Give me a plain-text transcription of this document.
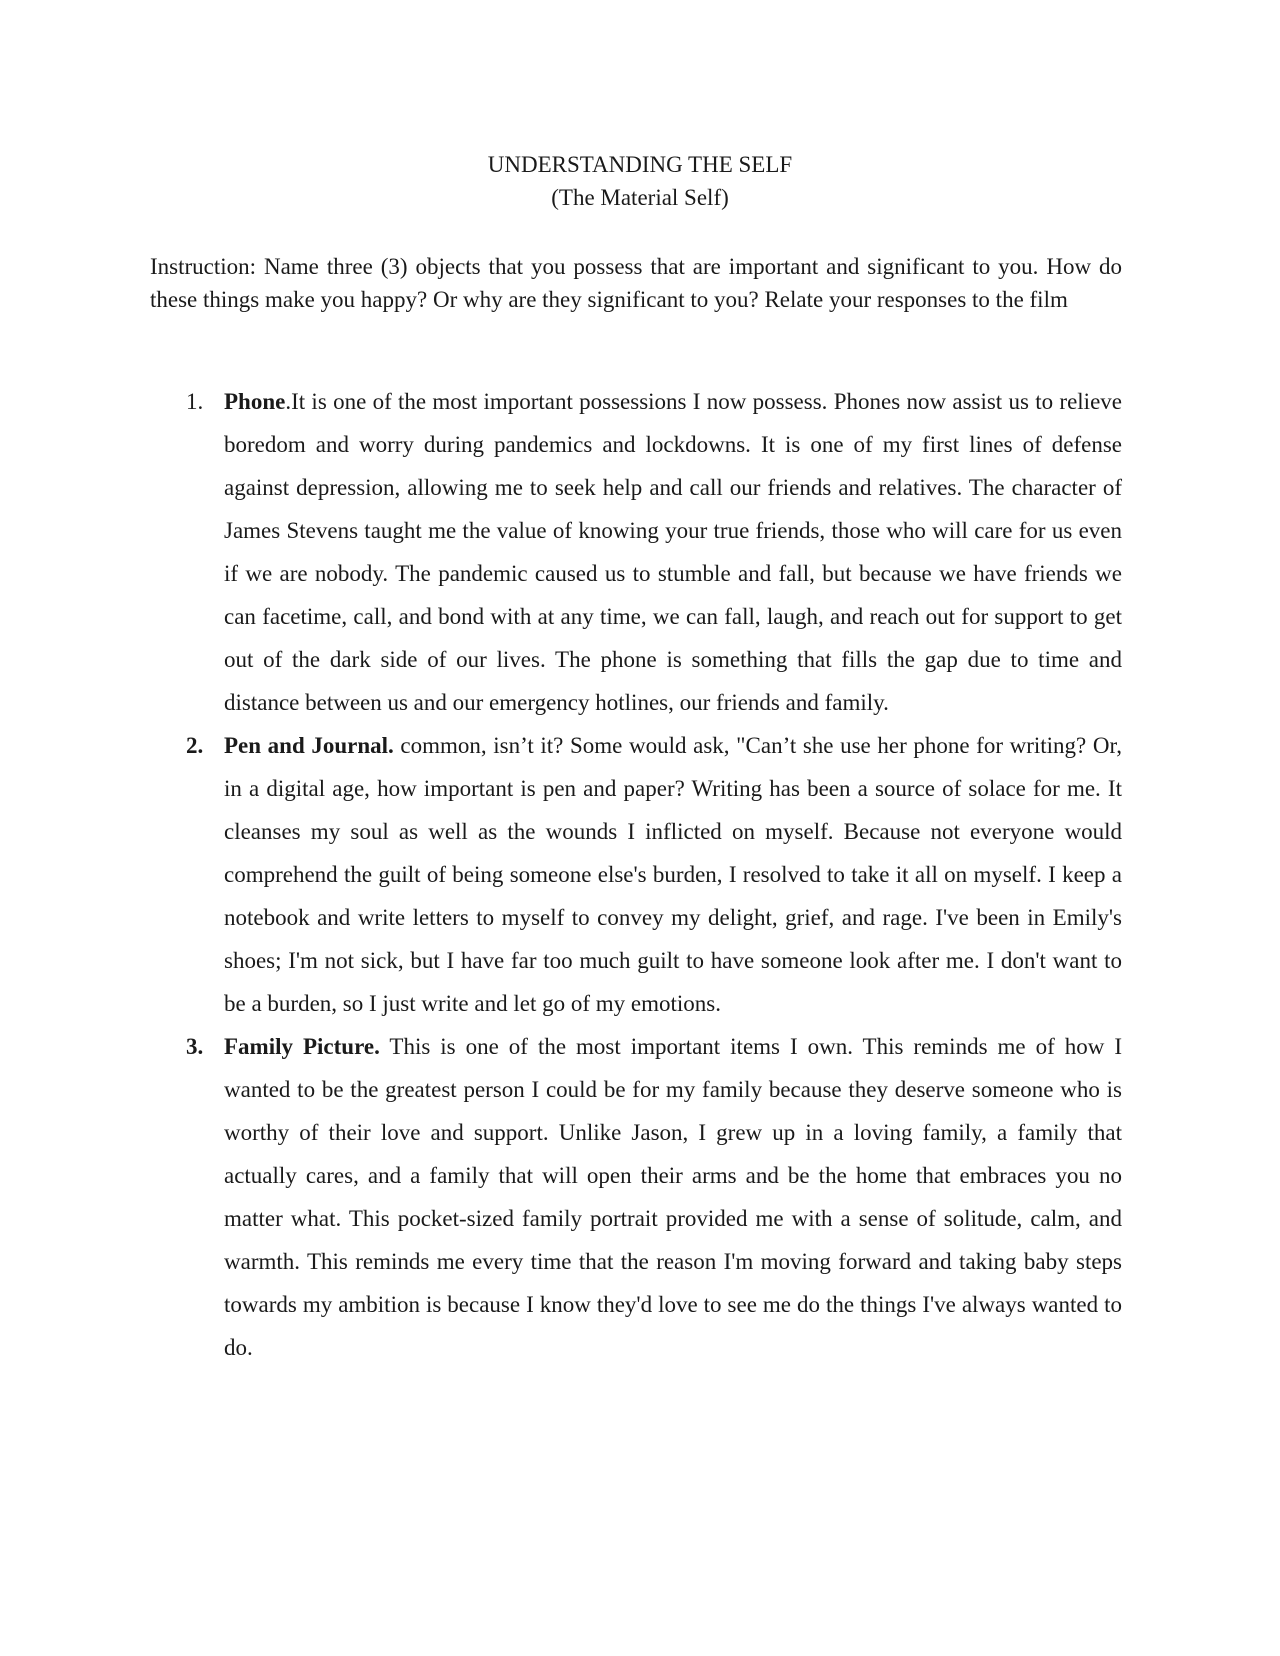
UNDERSTANDING THE SELF
(The Material Self)
Instruction: Name three (3) objects that you possess that are important and significant to you. How do these things make you happy? Or why are they significant to you? Relate your responses to the film
1. Phone.It is one of the most important possessions I now possess. Phones now assist us to relieve boredom and worry during pandemics and lockdowns. It is one of my first lines of defense against depression, allowing me to seek help and call our friends and relatives. The character of James Stevens taught me the value of knowing your true friends, those who will care for us even if we are nobody. The pandemic caused us to stumble and fall, but because we have friends we can facetime, call, and bond with at any time, we can fall, laugh, and reach out for support to get out of the dark side of our lives. The phone is something that fills the gap due to time and distance between us and our emergency hotlines, our friends and family.
2. Pen and Journal. common, isn’t it? Some would ask, "Can’t she use her phone for writing? Or, in a digital age, how important is pen and paper? Writing has been a source of solace for me. It cleanses my soul as well as the wounds I inflicted on myself. Because not everyone would comprehend the guilt of being someone else's burden, I resolved to take it all on myself. I keep a notebook and write letters to myself to convey my delight, grief, and rage. I've been in Emily's shoes; I'm not sick, but I have far too much guilt to have someone look after me. I don't want to be a burden, so I just write and let go of my emotions.
3. Family Picture. This is one of the most important items I own. This reminds me of how I wanted to be the greatest person I could be for my family because they deserve someone who is worthy of their love and support. Unlike Jason, I grew up in a loving family, a family that actually cares, and a family that will open their arms and be the home that embraces you no matter what. This pocket-sized family portrait provided me with a sense of solitude, calm, and warmth. This reminds me every time that the reason I'm moving forward and taking baby steps towards my ambition is because I know they'd love to see me do the things I've always wanted to do.
